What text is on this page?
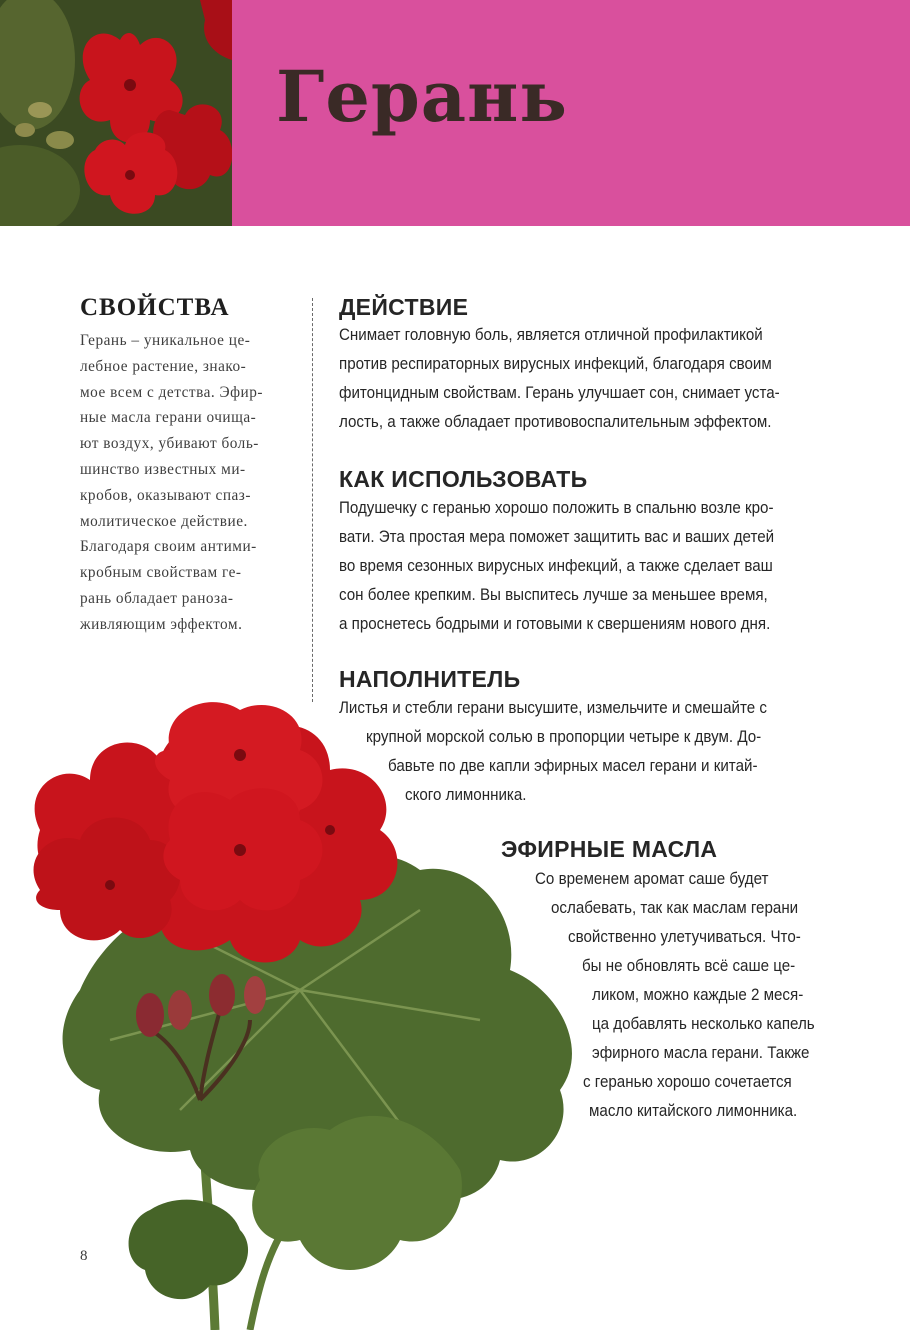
Герань
СВОЙСТВА

Герань – уникальное це-
лебное растение, знако-
мое всем с детства. Эфир-
ные масла герани очища-
ют воздух, убивают боль-
шинство известных ми-
кробов, оказывают спаз-
молитическое действие.
Благодаря своим антими-
кробным свойствам ге-
рань обладает раноза-
живляющим эффектом.

ДЕЙСТВИЕ
Снимает головную боль, является отличной профилактикой
против респираторных вирусных инфекций, благодаря своим
фитонцидным свойствам. Герань улучшает сон, снимает уста-
лость, а также обладает противовоспалительным эффектом.
КАК ИСПОЛЬЗОВАТЬ
Подушечку с геранью хорошо положить в спальню возле кро-
вати. Эта простая мера поможет защитить вас и ваших детей
во время сезонных вирусных инфекций, а также сделает ваш
сон более крепким. Вы выспитесь лучше за меньшее время,
а проснетесь бодрыми и готовыми к свершениям нового дня.
НАПОЛНИТЕЛЬ
Листья и стебли герани высушите, измельчите и смешайте с
крупной морской солью в пропорции четыре к двум. До-
бавьте по две капли эфирных масел герани и китай-
ского лимонника.
ЭФИРНЫЕ МАСЛА
Со временем аромат саше будет
ослабевать, так как маслам герани
свойственно улетучиваться. Что-
бы не обновлять всё саше це-
ликом, можно каждые 2 меся-
ца добавлять несколько капель
эфирного масла герани. Также
с геранью хорошо сочетается
масло китайского лимонника.
8
